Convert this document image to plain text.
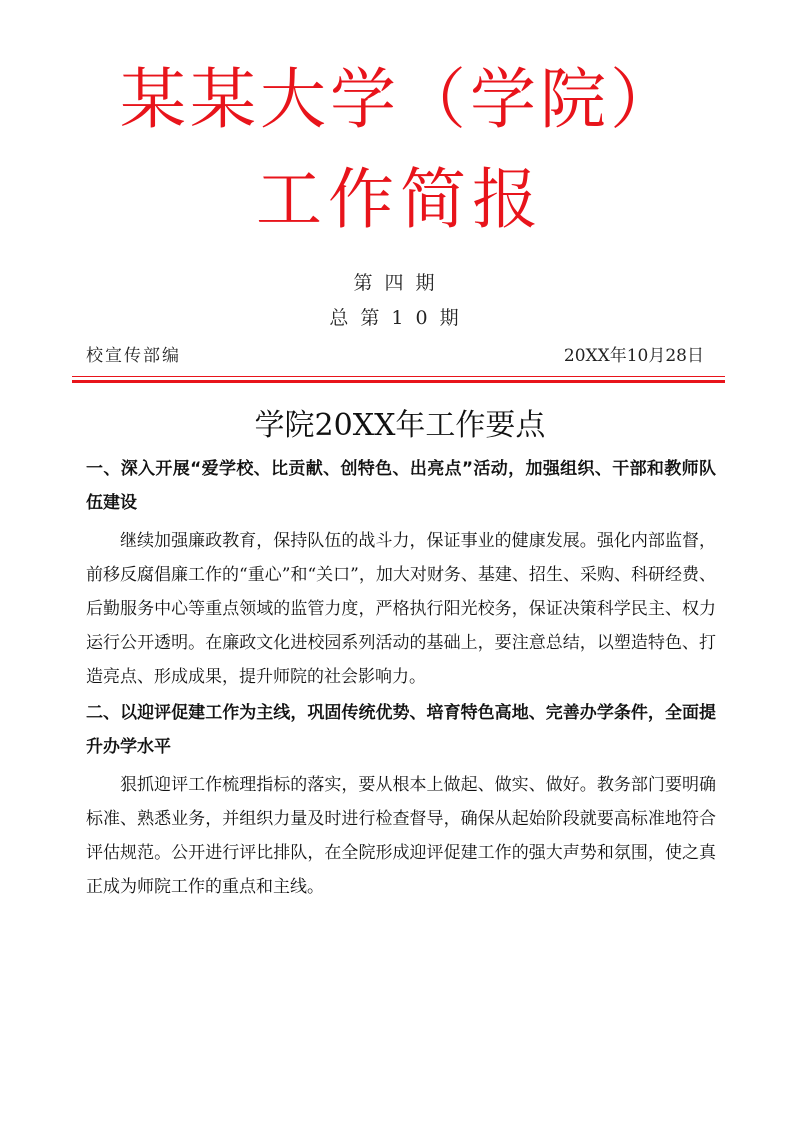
某某大学（学院）
工作简报
第四期
总第10期
校宣传部编	20XX年10月28日
学院20XX年工作要点

一、深入开展“爱学校、比贡献、创特色、出亮点”活动，加强组织、干部和教师队伍建设

继续加强廉政教育，保持队伍的战斗力，保证事业的健康发展。强化内部监督，前移反腐倡廉工作的“重心”和“关口”，加大对财务、基建、招生、采购、科研经费、后勤服务中心等重点领域的监管力度，严格执行阳光校务，保证决策科学民主、权力运行公开透明。在廉政文化进校园系列活动的基础上，要注意总结，以塑造特色、打造亮点、形成成果，提升师院的社会影响力。

二、以迎评促建工作为主线，巩固传统优势、培育特色高地、完善办学条件，全面提升办学水平

狠抓迎评工作梳理指标的落实，要从根本上做起、做实、做好。教务部门要明确标准、熟悉业务，并组织力量及时进行检查督导，确保从起始阶段就要高标准地符合评估规范。公开进行评比排队，在全院形成迎评促建工作的强大声势和氛围，使之真正成为师院工作的重点和主线。
